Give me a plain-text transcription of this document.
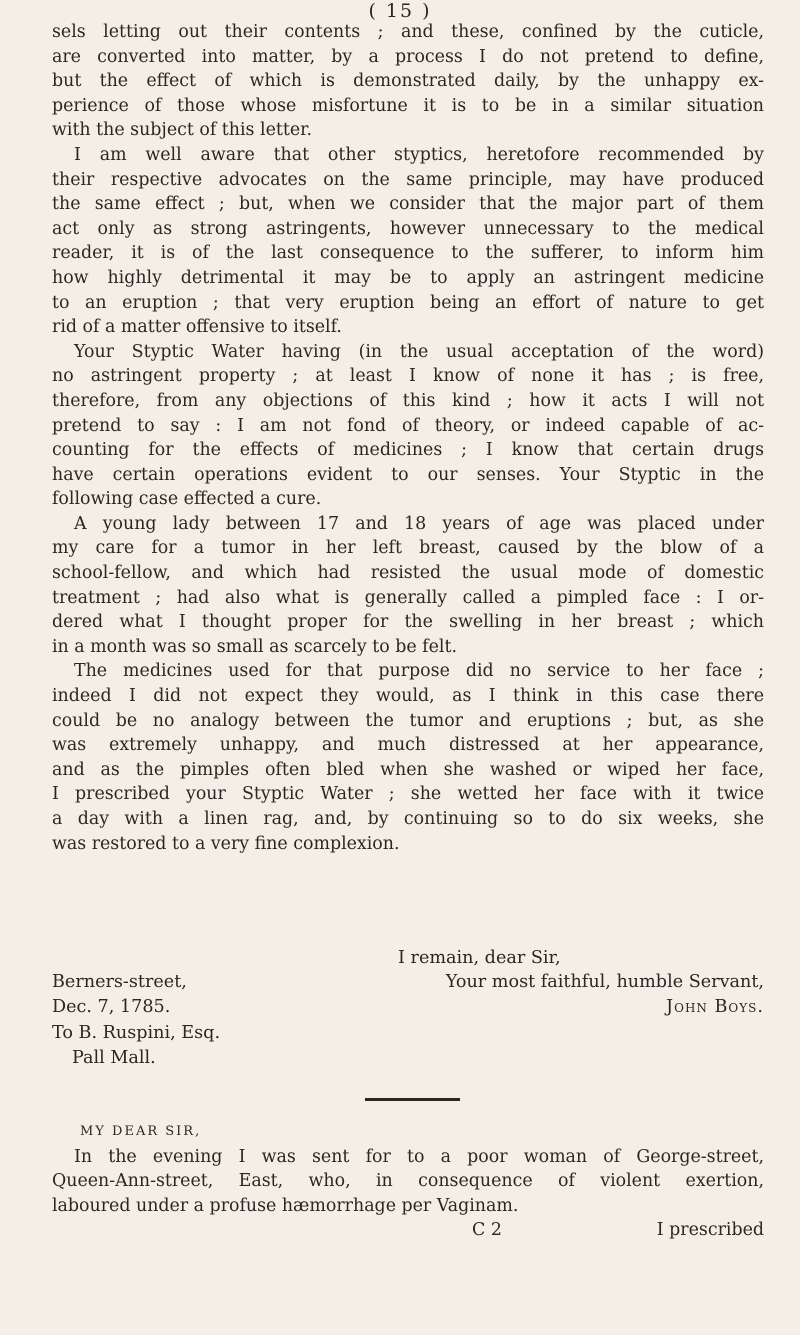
( 15 )

sels letting out their contents ; and these, confined by the cuticle,
are converted into matter, by a process I do not pretend to define,
but the effect of which is demonstrated daily, by the unhappy ex-
perience of those whose misfortune it is to be in a similar situation
with the subject of this letter.

I am well aware that other styptics, heretofore recommended by
their respective advocates on the same principle, may have produced
the same effect ; but, when we consider that the major part of them
act only as strong astringents, however unnecessary to the medical
reader, it is of the last consequence to the sufferer, to inform him
how highly detrimental it may be to apply an astringent medicine
to an eruption ; that very eruption being an effort of nature to get
rid of a matter offensive to itself.

Your Styptic Water having (in the usual acceptation of the word)
no astringent property ; at least I know of none it has ; is free,
therefore, from any objections of this kind ; how it acts I will not
pretend to say : I am not fond of theory, or indeed capable of ac-
counting for the effects of medicines ; I know that certain drugs
have certain operations evident to our senses. Your Styptic in the
following case effected a cure.

A young lady between 17 and 18 years of age was placed under
my care for a tumor in her left breast, caused by the blow of a
school-fellow, and which had resisted the usual mode of domestic
treatment ; had also what is generally called a pimpled face : I or-
dered what I thought proper for the swelling in her breast ; which
in a month was so small as scarcely to be felt.

The medicines used for that purpose did no service to her face ;
indeed I did not expect they would, as I think in this case there
could be no analogy between the tumor and eruptions ; but, as she
was extremely unhappy, and much distressed at her appearance,
and as the pimples often bled when she washed or wiped her face,
I prescribed your Styptic Water ; she wetted her face with it twice
a day with a linen rag, and, by continuing so to do six weeks, she
was restored to a very fine complexion.

I remain, dear Sir,
Berners-street,	Your most faithful, humble Servant,
Dec. 7, 1785.	John Boys.
To B. Ruspini, Esq.
Pall Mall.
MY DEAR SIR,
In the evening I was sent for to a poor woman of George-street,
Queen-Ann-street, East, who, in consequence of violent exertion,
laboured under a profuse hæmorrhage per Vaginam.
C 2	I prescribed
